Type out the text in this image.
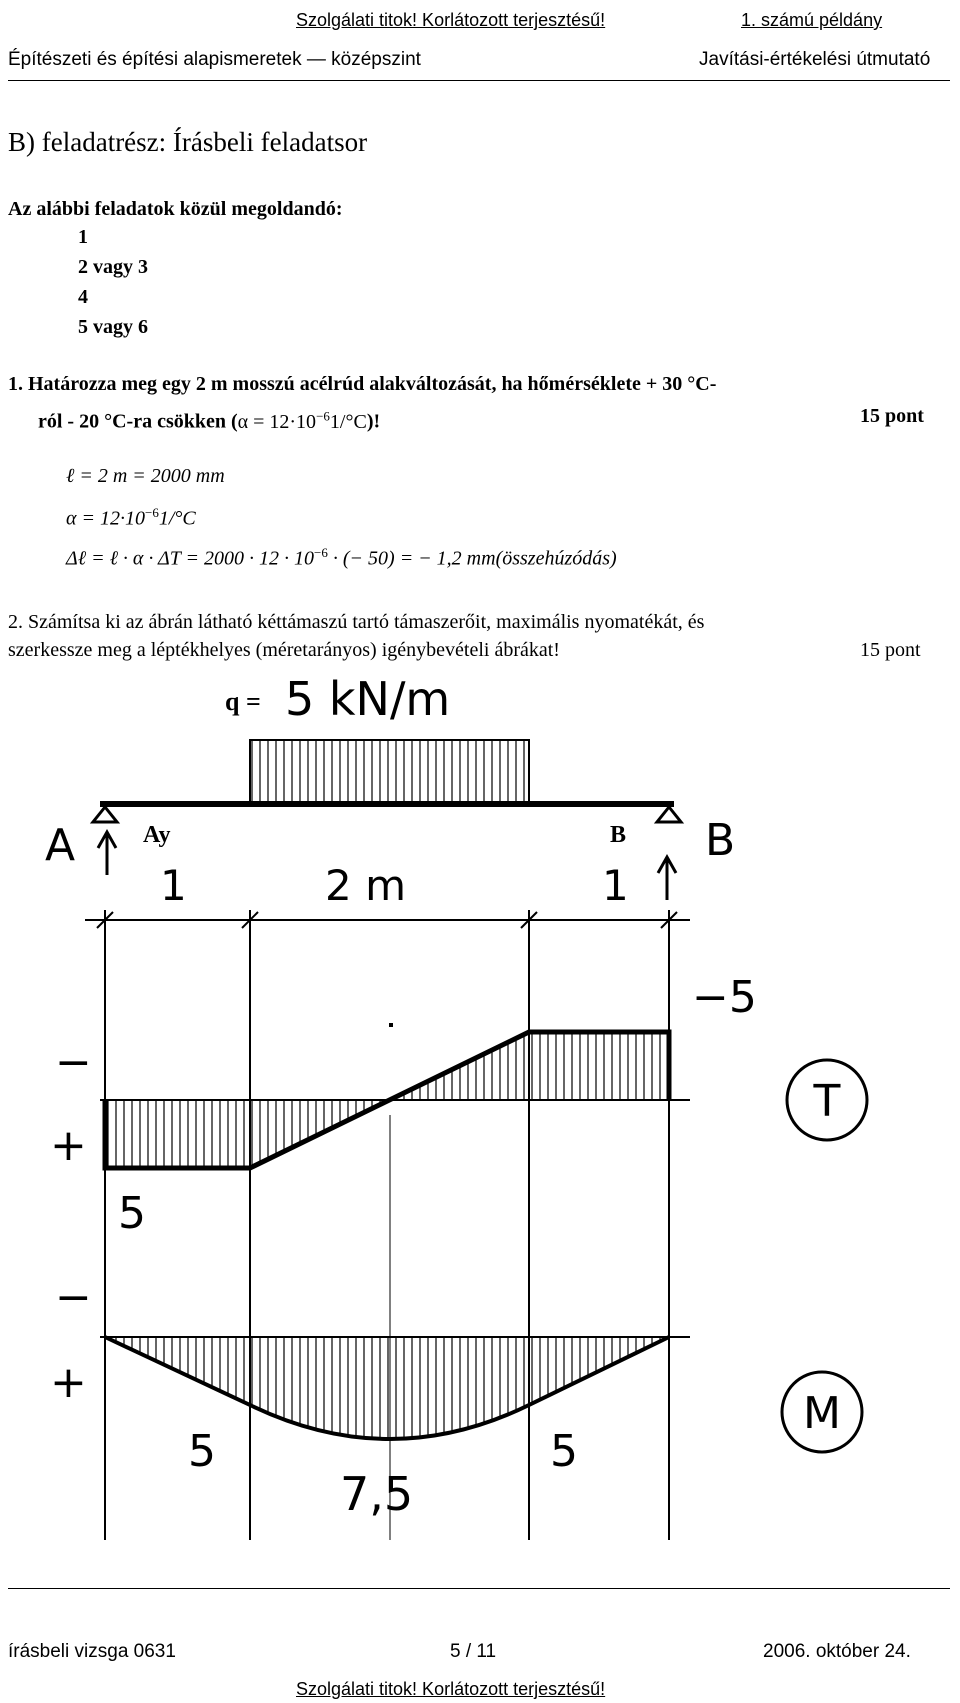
Szolgálati titok! Korlátozott terjesztésű!	1. számú példány
Építészeti és építési alapismeretek — középszint	Javítási-értékelési útmutató
B) feladatrész: Írásbeli feladatsor
Az alábbi feladatok közül megoldandó:
1
2 vagy 3
4
5 vagy 6
1. Határozza meg egy 2 m mosszú acélrúd alakváltozását, ha hőmérséklete + 30 °C-
ról - 20 °C-ra csökken $(\alpha = 12\cdot 10^{-6}1/^\circ C)$!	15 pont
ℓ = 2 m = 2000 mm
$\alpha = 12\cdot 10^{-6}1/^\circ C$
Δℓ = ℓ · $\alpha \cdot \Delta T = 2000 \cdot 12 \cdot 10^{-6}$ · (− 50) = − 1,2 mm(összehúzódás)
2. Számítsa ki az ábrán látható kéttámaszú tartó támaszerőit, maximális nyomatékát, és
szerkessze meg a léptékhelyes (méretarányos) igénybevételi ábrákat!	15 pont
q = 5 kN/m
A	Ay	B B
1	2 m	1
−
+
−5
5
T
−
+
5	5
7,5
M
írásbeli vizsga 0631	5 / 11	2006. október 24.
Szolgálati titok! Korlátozott terjesztésű!
